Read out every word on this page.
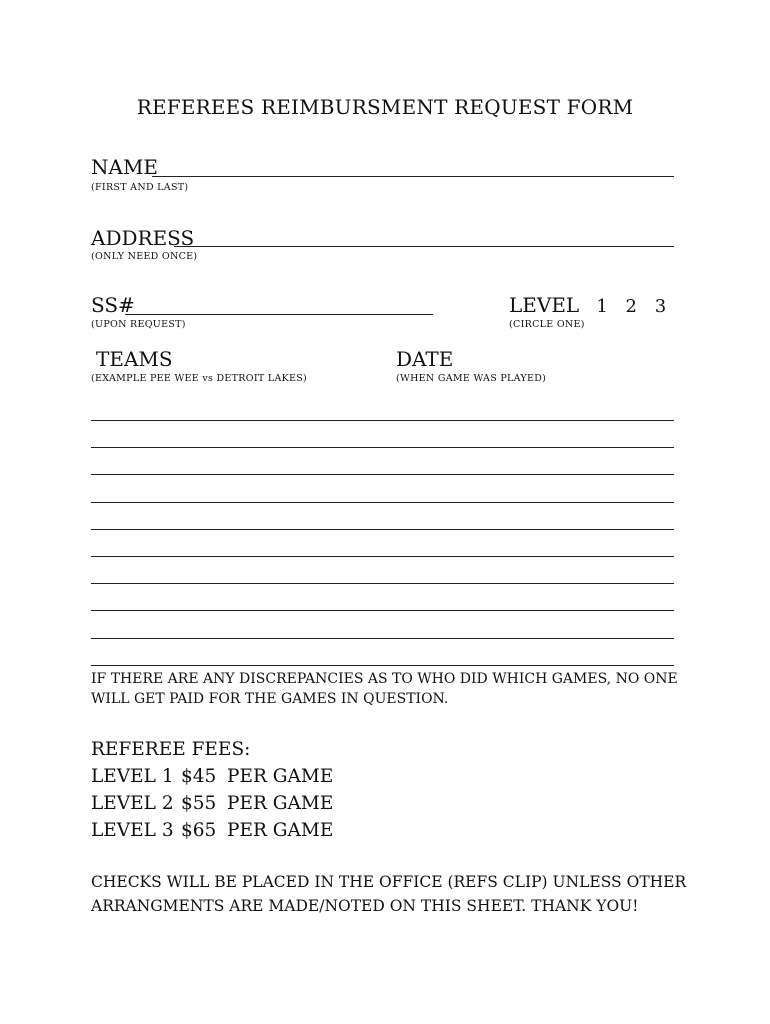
REFEREES REIMBURSMENT REQUEST FORM
NAME
(FIRST AND LAST)
ADDRESS
(ONLY NEED ONCE)
SS#
(UPON REQUEST)
LEVEL 1 2 3
(CIRCLE ONE)
TEAMS
(EXAMPLE PEE WEE vs DETROIT LAKES)
DATE
(WHEN GAME WAS PLAYED)
IF THERE ARE ANY DISCREPANCIES AS TO WHO DID WHICH GAMES, NO ONE WILL GET PAID FOR THE GAMES IN QUESTION.
REFEREE FEES:
LEVEL 1 $45 PER GAME
LEVEL 2 $55 PER GAME
LEVEL 3 $65 PER GAME
CHECKS WILL BE PLACED IN THE OFFICE (REFS CLIP) UNLESS OTHER ARRANGMENTS ARE MADE/NOTED ON THIS SHEET. THANK YOU!
